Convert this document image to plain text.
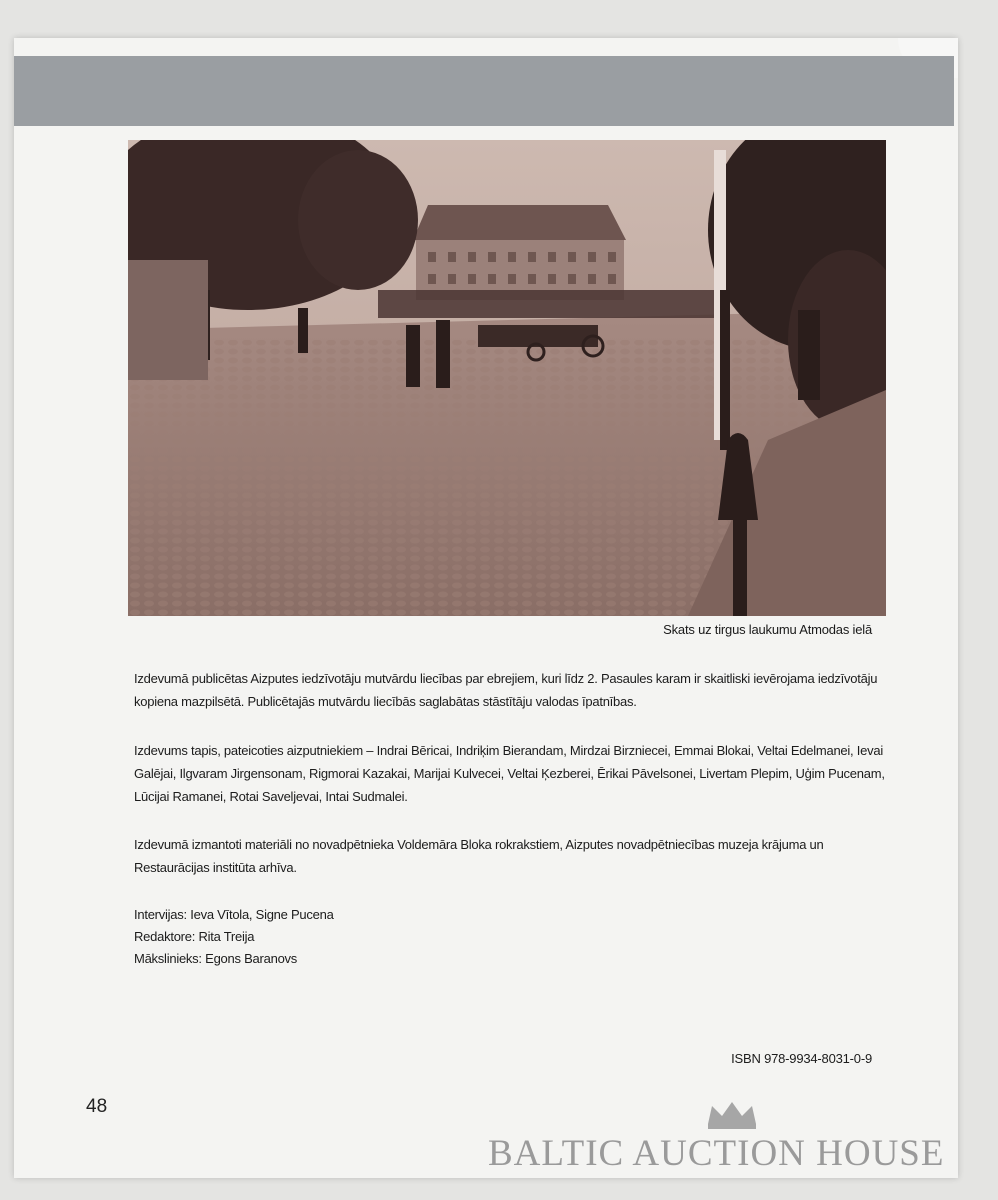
Skats uz tirgus laukumu Atmodas ielā
Izdevumā publicētas Aizputes iedzīvotāju mutvārdu liecības par ebrejiem, kuri līdz 2. Pasaules karam ir skaitliski ievērojama iedzīvotāju kopiena mazpilsētā. Publicētajās mutvārdu liecībās saglabātas stāstītāju valodas īpatnības.
Izdevums tapis, pateicoties aizputniekiem – Indrai Bēricai, Indriķim Bierandam, Mirdzai Birzniecei, Emmai Blokai, Veltai Edelmanei, Ievai Galējai, Ilgvaram Jirgensonam, Rigmorai Kazakai, Marijai Kulvecei, Veltai Ķezberei, Ērikai Pāvelsonei, Livertam Plepim, Uģim Pucenam, Lūcijai Ramanei, Rotai Saveljevai, Intai Sudmalei.
Izdevumā izmantoti materiāli no novadpētnieka Voldemāra Bloka rokrakstiem, Aizputes novadpētniecības muzeja krājuma un Restaurācijas institūta arhīva.
Intervijas: Ieva Vītola, Signe Pucena
Redaktore: Rita Treija
Mākslinieks: Egons Baranovs
ISBN 978-9934-8031-0-9
48
BALTIC AUCTION HOUSE
